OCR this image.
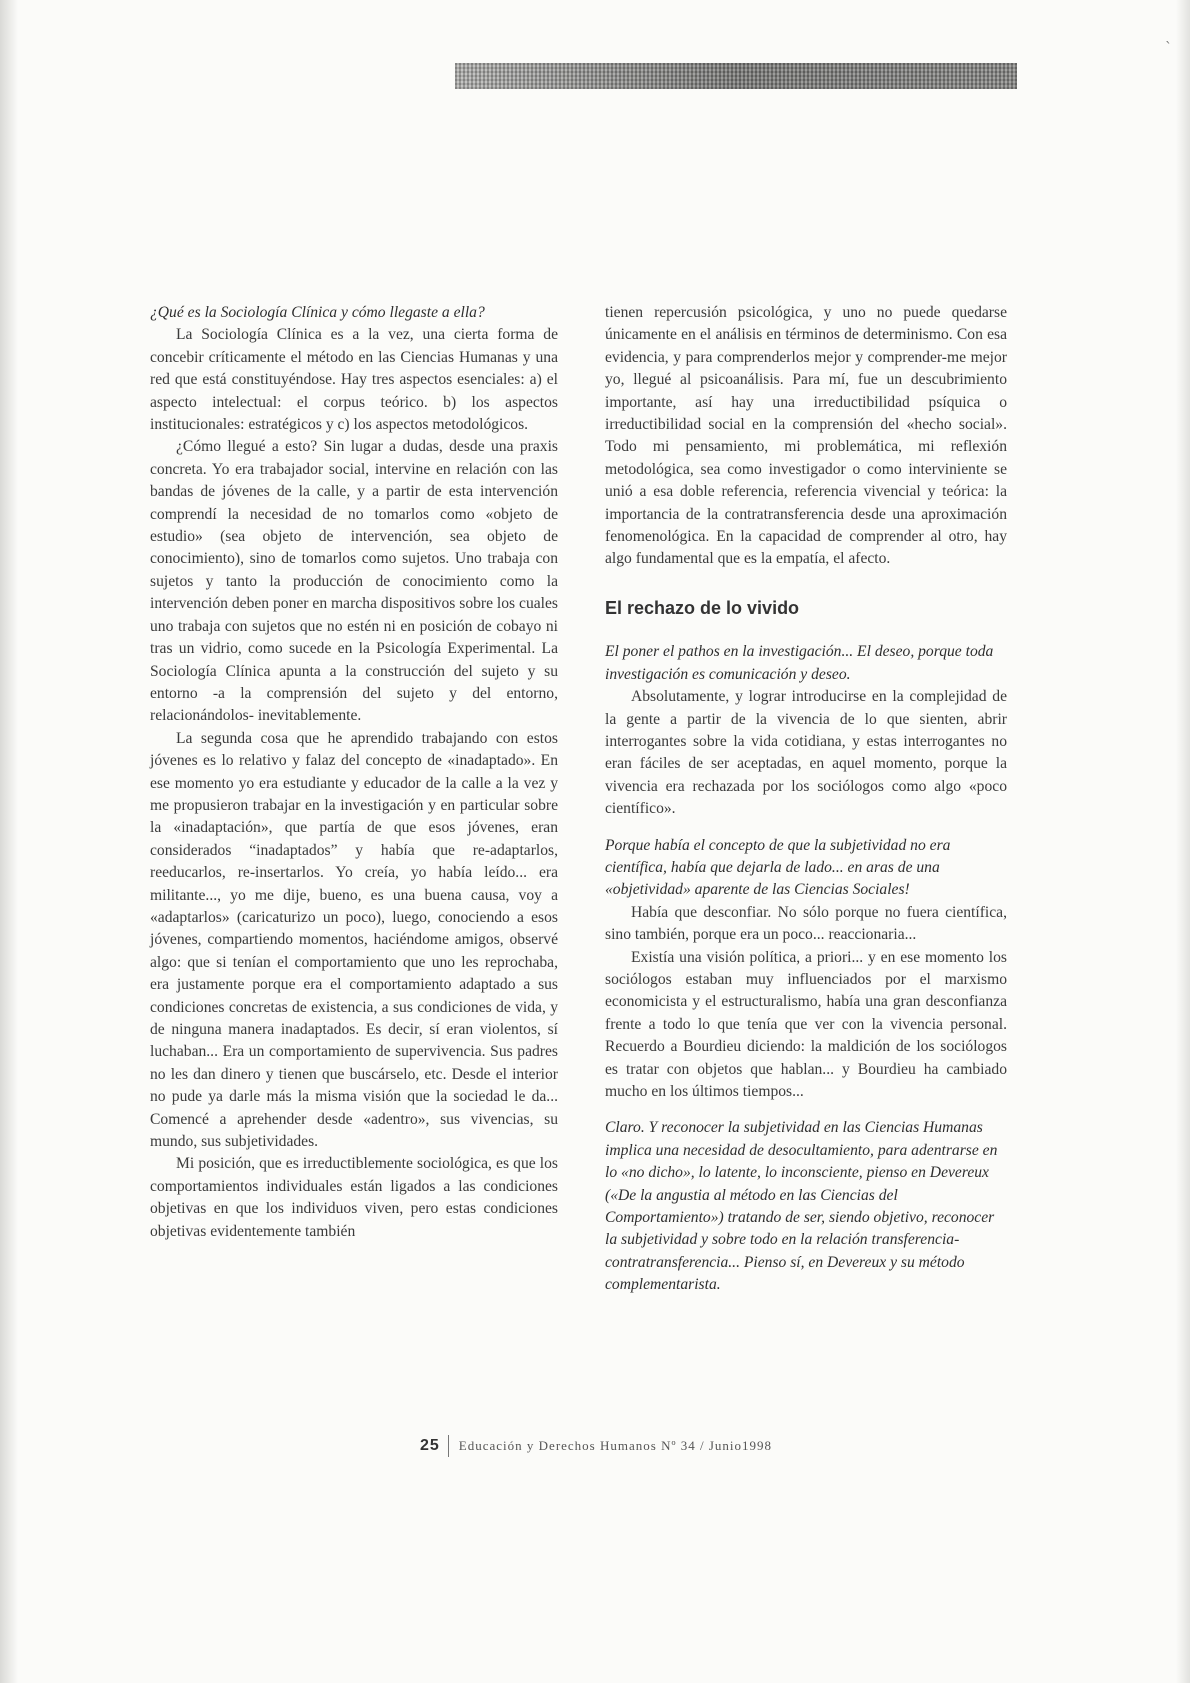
ˎ

¿Qué es la Sociología Clínica y cómo llegaste a ella?

La Sociología Clínica es a la vez, una cierta forma de concebir críticamente el método en las Ciencias Humanas y una red que está constituyéndose. Hay tres aspectos esenciales: a) el aspecto intelectual: el corpus teórico. b) los aspectos institucionales: estratégicos y c) los aspectos metodológicos.

¿Cómo llegué a esto? Sin lugar a dudas, desde una praxis concreta. Yo era trabajador social, intervine en relación con las bandas de jóvenes de la calle, y a partir de esta intervención comprendí la necesidad de no tomarlos como «objeto de estudio» (sea objeto de intervención, sea objeto de conocimiento), sino de tomarlos como sujetos. Uno trabaja con sujetos y tanto la producción de conocimiento como la intervención deben poner en marcha dispositivos sobre los cuales uno trabaja con sujetos que no estén ni en posición de cobayo ni tras un vidrio, como sucede en la Psicología Experimental. La Sociología Clínica apunta a la construcción del sujeto y su entorno -a la comprensión del sujeto y del entorno, relacionándolos- inevitablemente.

La segunda cosa que he aprendido trabajando con estos jóvenes es lo relativo y falaz del concepto de «inadaptado». En ese momento yo era estudiante y educador de la calle a la vez y me propusieron trabajar en la investigación y en particular sobre la «inadaptación», que partía de que esos jóvenes, eran considerados “inadaptados” y había que re-adaptarlos, reeducarlos, re-insertarlos. Yo creía, yo había leído... era militante..., yo me dije, bueno, es una buena causa, voy a «adaptarlos» (caricaturizo un poco), luego, conociendo a esos jóvenes, compartiendo momentos, haciéndome amigos, observé algo: que si tenían el comportamiento que uno les reprochaba, era justamente porque era el comportamiento adaptado a sus condiciones concretas de existencia, a sus condiciones de vida, y de ninguna manera inadaptados. Es decir, sí eran violentos, sí luchaban... Era un comportamiento de supervivencia. Sus padres no les dan dinero y tienen que buscárselo, etc. Desde el interior no pude ya darle más la misma visión que la sociedad le da... Comencé a aprehender desde «adentro», sus vivencias, su mundo, sus subjetividades.

Mi posición, que es irreductiblemente sociológica, es que los comportamientos individuales están ligados a las condiciones objetivas en que los individuos viven, pero estas condiciones objetivas evidentemente también

tienen repercusión psicológica, y uno no puede quedarse únicamente en el análisis en términos de determinismo. Con esa evidencia, y para comprenderlos mejor y comprender-me mejor yo, llegué al psicoanálisis. Para mí, fue un descubrimiento importante, así hay una irreductibilidad psíquica o irreductibilidad social en la comprensión del «hecho social». Todo mi pensamiento, mi problemática, mi reflexión metodológica, sea como investigador o como interviniente se unió a esa doble referencia, referencia vivencial y teórica: la importancia de la contratransferencia desde una aproximación fenomenológica. En la capacidad de comprender al otro, hay algo fundamental que es la empatía, el afecto.

El rechazo de lo vivido

El poner el pathos en la investigación... El deseo, porque toda investigación es comunicación y deseo.

Absolutamente, y lograr introducirse en la complejidad de la gente a partir de la vivencia de lo que sienten, abrir interrogantes sobre la vida cotidiana, y estas interrogantes no eran fáciles de ser aceptadas, en aquel momento, porque la vivencia era rechazada por los sociólogos como algo «poco científico».

Porque había el concepto de que la subjetividad no era científica, había que dejarla de lado... en aras de una «objetividad» aparente de las Ciencias Sociales!

Había que desconfiar. No sólo porque no fuera científica, sino también, porque era un poco... reaccionaria...

Existía una visión política, a priori... y en ese momento los sociólogos estaban muy influenciados por el marxismo economicista y el estructuralismo, había una gran desconfianza frente a todo lo que tenía que ver con la vivencia personal. Recuerdo a Bourdieu diciendo: la maldición de los sociólogos es tratar con objetos que hablan... y Bourdieu ha cambiado mucho en los últimos tiempos...

Claro. Y reconocer la subjetividad en las Ciencias Humanas implica una necesidad de desocultamiento, para adentrarse en lo «no dicho», lo latente, lo inconsciente, pienso en Devereux («De la angustia al método en las Ciencias del Comportamiento») tratando de ser, siendo objetivo, reconocer la subjetividad y sobre todo en la relación transferencia-contratransferencia... Pienso sí, en Devereux y su método complementarista.

25 Educación y Derechos Humanos Nº 34 / Junio1998
